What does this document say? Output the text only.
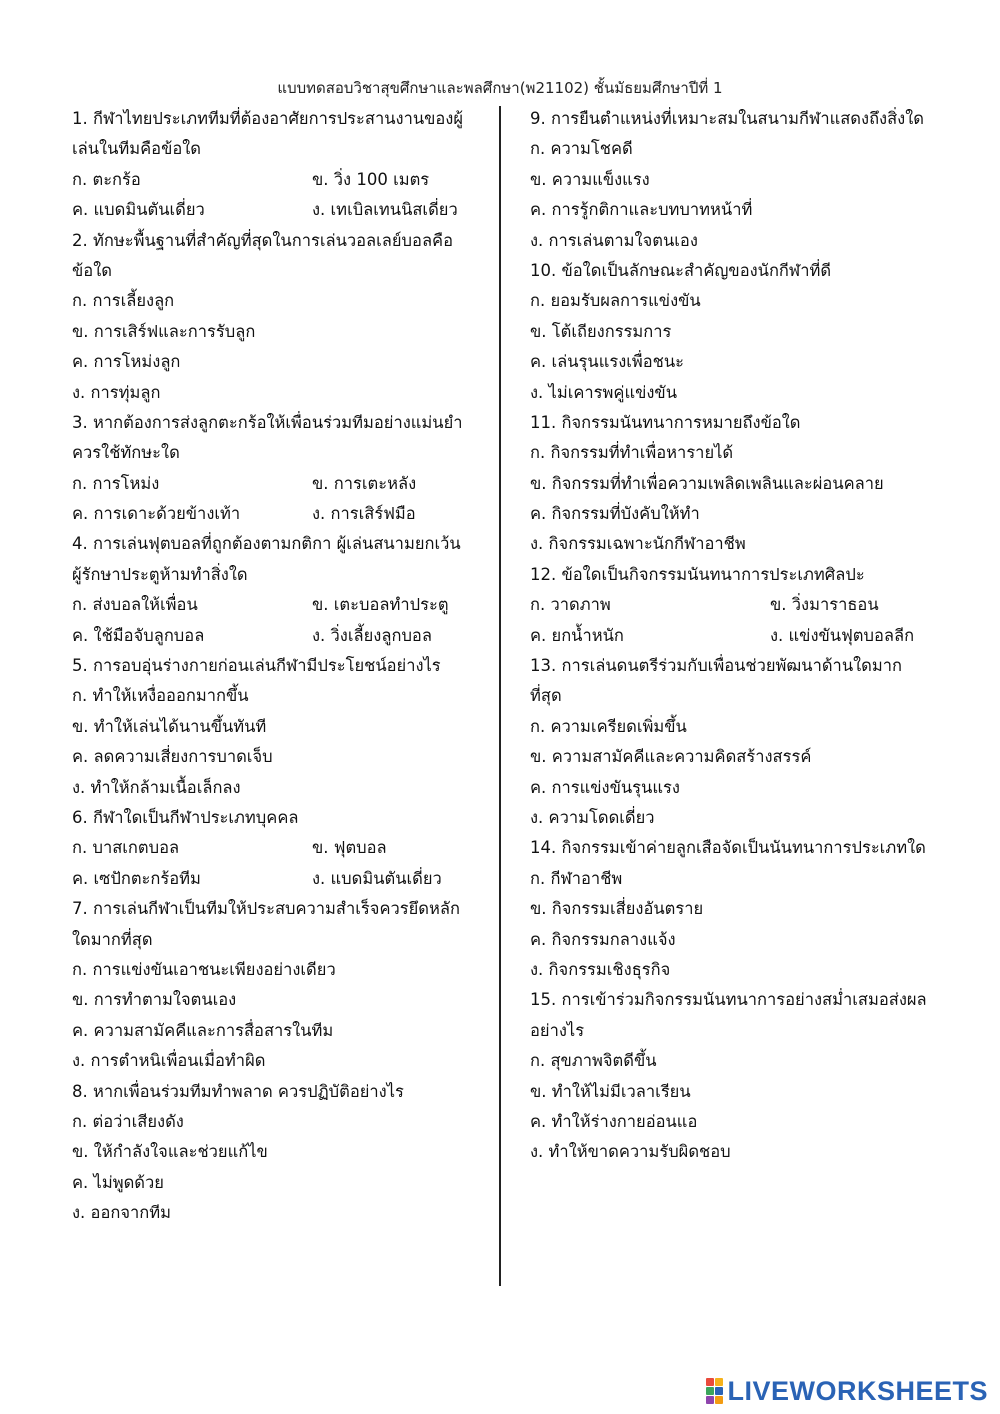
แบบทดสอบวิชาสุขศึกษาและพลศึกษา(พ21102) ชั้นมัธยมศึกษาปีที่ 1
1. กีฬาไทยประเภททีมที่ต้องอาศัยการประสานงานของผู้
เล่นในทีมคือข้อใด
ก. ตะกร้อ	ข. วิ่ง 100 เมตร
ค. แบดมินตันเดี่ยว	ง. เทเบิลเทนนิสเดี่ยว
2. ทักษะพื้นฐานที่สำคัญที่สุดในการเล่นวอลเลย์บอลคือ
ข้อใด
ก. การเลี้ยงลูก
ข. การเสิร์ฟและการรับลูก
ค. การโหม่งลูก
ง. การทุ่มลูก
3. หากต้องการส่งลูกตะกร้อให้เพื่อนร่วมทีมอย่างแม่นยำ
ควรใช้ทักษะใด
ก. การโหม่ง	ข. การเตะหลัง
ค. การเดาะด้วยข้างเท้า	ง. การเสิร์ฟมือ
4. การเล่นฟุตบอลที่ถูกต้องตามกติกา ผู้เล่นสนามยกเว้น
ผู้รักษาประตูห้ามทำสิ่งใด
ก. ส่งบอลให้เพื่อน	ข. เตะบอลทำประตู
ค. ใช้มือจับลูกบอล	ง. วิ่งเลี้ยงลูกบอล
5. การอบอุ่นร่างกายก่อนเล่นกีฬามีประโยชน์อย่างไร
ก. ทำให้เหงื่อออกมากขึ้น
ข. ทำให้เล่นได้นานขึ้นทันที
ค. ลดความเสี่ยงการบาดเจ็บ
ง. ทำให้กล้ามเนื้อเล็กลง
6. กีฬาใดเป็นกีฬาประเภทบุคคล
ก. บาสเกตบอล	ข. ฟุตบอล
ค. เซปักตะกร้อทีม	ง. แบดมินตันเดี่ยว
7. การเล่นกีฬาเป็นทีมให้ประสบความสำเร็จควรยึดหลัก
ใดมากที่สุด
ก. การแข่งขันเอาชนะเพียงอย่างเดียว
ข. การทำตามใจตนเอง
ค. ความสามัคคีและการสื่อสารในทีม
ง. การตำหนิเพื่อนเมื่อทำผิด
8. หากเพื่อนร่วมทีมทำพลาด ควรปฏิบัติอย่างไร
ก. ต่อว่าเสียงดัง
ข. ให้กำลังใจและช่วยแก้ไข
ค. ไม่พูดด้วย
ง. ออกจากทีม
9. การยืนตำแหน่งที่เหมาะสมในสนามกีฬาแสดงถึงสิ่งใด
ก. ความโชคดี
ข. ความแข็งแรง
ค. การรู้กติกาและบทบาทหน้าที่
ง. การเล่นตามใจตนเอง
10. ข้อใดเป็นลักษณะสำคัญของนักกีฬาที่ดี
ก. ยอมรับผลการแข่งขัน
ข. โต้เถียงกรรมการ
ค. เล่นรุนแรงเพื่อชนะ
ง. ไม่เคารพคู่แข่งขัน
11. กิจกรรมนันทนาการหมายถึงข้อใด
ก. กิจกรรมที่ทำเพื่อหารายได้
ข. กิจกรรมที่ทำเพื่อความเพลิดเพลินและผ่อนคลาย
ค. กิจกรรมที่บังคับให้ทำ
ง. กิจกรรมเฉพาะนักกีฬาอาชีพ
12. ข้อใดเป็นกิจกรรมนันทนาการประเภทศิลปะ
ก. วาดภาพ	ข. วิ่งมาราธอน
ค. ยกน้ำหนัก	ง. แข่งขันฟุตบอลลีก
13. การเล่นดนตรีร่วมกับเพื่อนช่วยพัฒนาด้านใดมาก
ที่สุด
ก. ความเครียดเพิ่มขึ้น
ข. ความสามัคคีและความคิดสร้างสรรค์
ค. การแข่งขันรุนแรง
ง. ความโดดเดี่ยว
14. กิจกรรมเข้าค่ายลูกเสือจัดเป็นนันทนาการประเภทใด
ก. กีฬาอาชีพ
ข. กิจกรรมเสี่ยงอันตราย
ค. กิจกรรมกลางแจ้ง
ง. กิจกรรมเชิงธุรกิจ
15. การเข้าร่วมกิจกรรมนันทนาการอย่างสม่ำเสมอส่งผล
อย่างไร
ก. สุขภาพจิตดีขึ้น
ข. ทำให้ไม่มีเวลาเรียน
ค. ทำให้ร่างกายอ่อนแอ
ง. ทำให้ขาดความรับผิดชอบ
LIVEWORKSHEETS
